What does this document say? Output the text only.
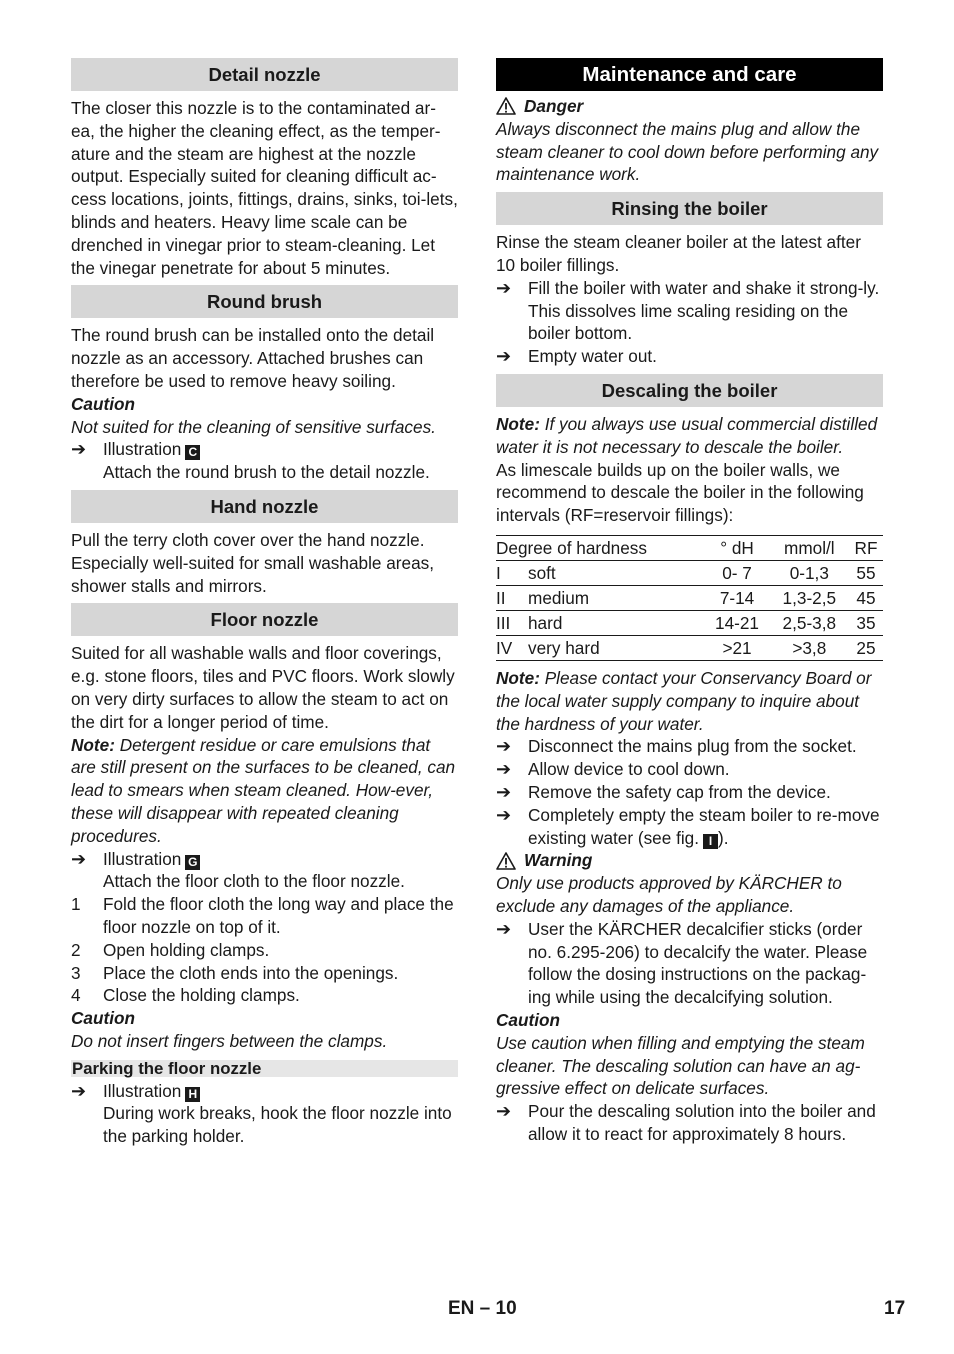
Detail nozzle

The closer this nozzle is to the contaminated ar-ea, the higher the cleaning effect, as the temper-ature and the steam are highest at the nozzle output. Especially suited for cleaning difficult ac-cess locations, joints, fittings, drains, sinks, toi-lets, blinds and heaters. Heavy lime scale can be drenched in vinegar prior to steam-cleaning. Let the vinegar penetrate for about 5 minutes.

Round brush

The round brush can be installed onto the detail nozzle as an accessory. Attached brushes can therefore be used to remove heavy soiling.

Caution

Not suited for the cleaning of sensitive surfaces.

➔ Illustration C
Attach the round brush to the detail nozzle.
Hand nozzle

Pull the terry cloth cover over the hand nozzle. Especially well-suited for small washable areas, shower stalls and mirrors.

Floor nozzle

Suited for all washable walls and floor coverings, e.g. stone floors, tiles and PVC floors. Work slowly on very dirty surfaces to allow the steam to act on the dirt for a longer period of time.

Note: Detergent residue or care emulsions that are still present on the surfaces to be cleaned, can lead to smears when steam cleaned. How-ever, these will disappear with repeated cleaning procedures.

➔ Illustration G
Attach the floor cloth to the floor nozzle.
1	Fold the floor cloth the long way and place the floor nozzle on top of it.
2	Open holding clamps.
3	Place the cloth ends into the openings.
4	Close the holding clamps.

Caution

Do not insert fingers between the clamps.

Parking the floor nozzle
➔ Illustration H
During work breaks, hook the floor nozzle into the parking holder.
Maintenance and care
Danger

Always disconnect the mains plug and allow the steam cleaner to cool down before performing any maintenance work.

Rinsing the boiler

Rinse the steam cleaner boiler at the latest after 10 boiler fillings.

➔ Fill the boiler with water and shake it strong-ly. This dissolves lime scaling residing on the boiler bottom.
➔ Empty water out.
Descaling the boiler

Note: If you always use usual commercial distilled water it is not necessary to descale the boiler.

As limescale builds up on the boiler walls, we recommend to descale the boiler in the following intervals (RF=reservoir fillings):

Degree of hardness		° dH	mmol/l	RF
I	soft	0- 7	0-1,3	55
II	medium	7-14	1,3-2,5	45
III	hard	14-21	2,5-3,8	35
IV	very hard	>21	>3,8	25

Note: Please contact your Conservancy Board or the local water supply company to inquire about the hardness of your water.

➔ Disconnect the mains plug from the socket.
➔ Allow device to cool down.
➔ Remove the safety cap from the device.
➔ Completely empty the steam boiler to re-move existing water (see fig. I ).
Warning

Only use products approved by KÄRCHER to exclude any damages of the appliance.

➔ User the KÄRCHER decalcifier sticks (order no. 6.295-206) to decalcify the water. Please follow the dosing instructions on the packag-ing while using the decalcifying solution.

Caution

Use caution when filling and emptying the steam cleaner. The descaling solution can have an ag-gressive effect on delicate surfaces.

➔ Pour the descaling solution into the boiler and allow it to react for approximately 8 hours.
EN – 10	17
